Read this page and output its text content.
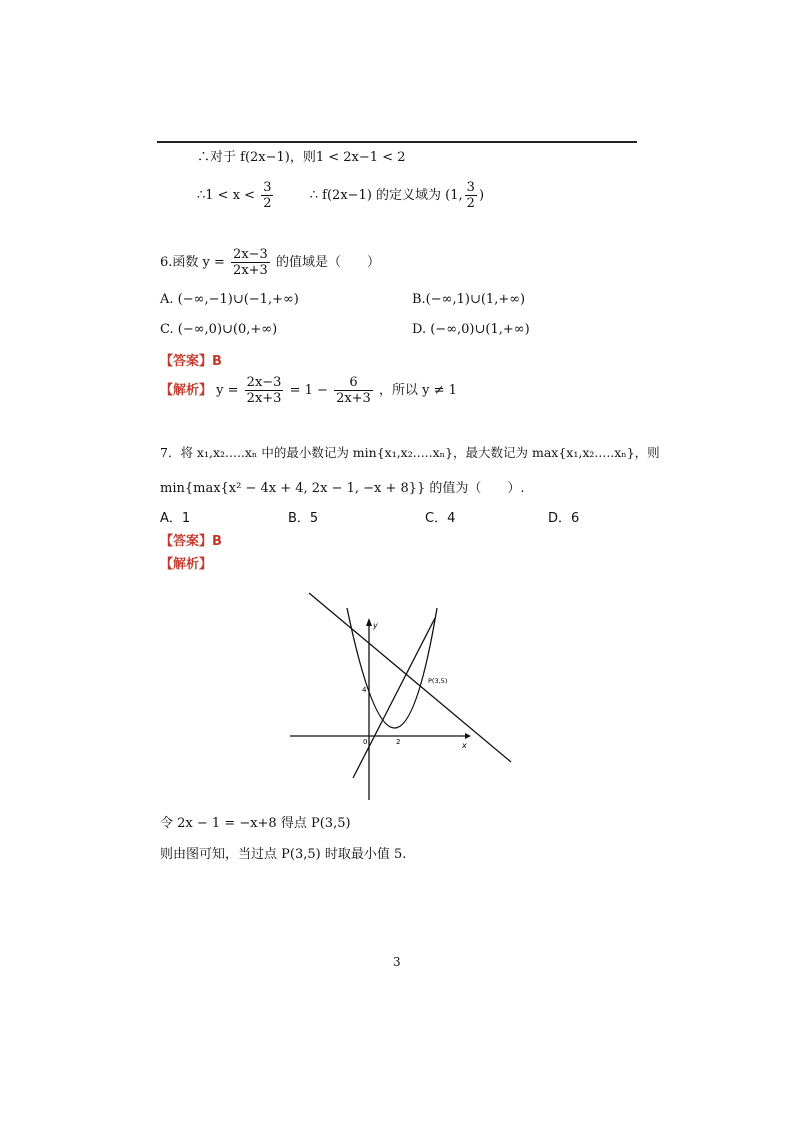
∴对于 f(2x−1)，则1 < 2x−1 < 2
∴1 < $x < \frac{3}{2}$	∴ f(2x−1) 的定义域为 (1, $\frac{3}{2}$ )
6.函数 $y = \frac{2x-3}{2x+3}$ 的值域是（　　）
A. (−∞,−1)∪(−1,+∞)	B.(−∞,1)∪(1,+∞)
C. (−∞,0)∪(0,+∞)	D. (−∞,0)∪(1,+∞)
【答案】B
【解析】 $y = \frac{2x-3}{2x+3} = 1 - \frac{6}{2x+3}$ ，所以 y ≠ 1
7．将 x₁,x₂.....xₙ 中的最小数记为 min{x₁,x₂.....xₙ}，最大数记为 max{x₁,x₂.....xₙ}，则
min{max{x² − 4x + 4, 2x − 1, −x + 8}} 的值为（　　）.
A．1	B．5	C．4	D．6
【答案】B
【解析】
x
y
0	2
4
P(3,5)
令 2x − 1 = −x+8 得点 P(3,5)
则由图可知，当过点 P(3,5) 时取最小值 5.
3
